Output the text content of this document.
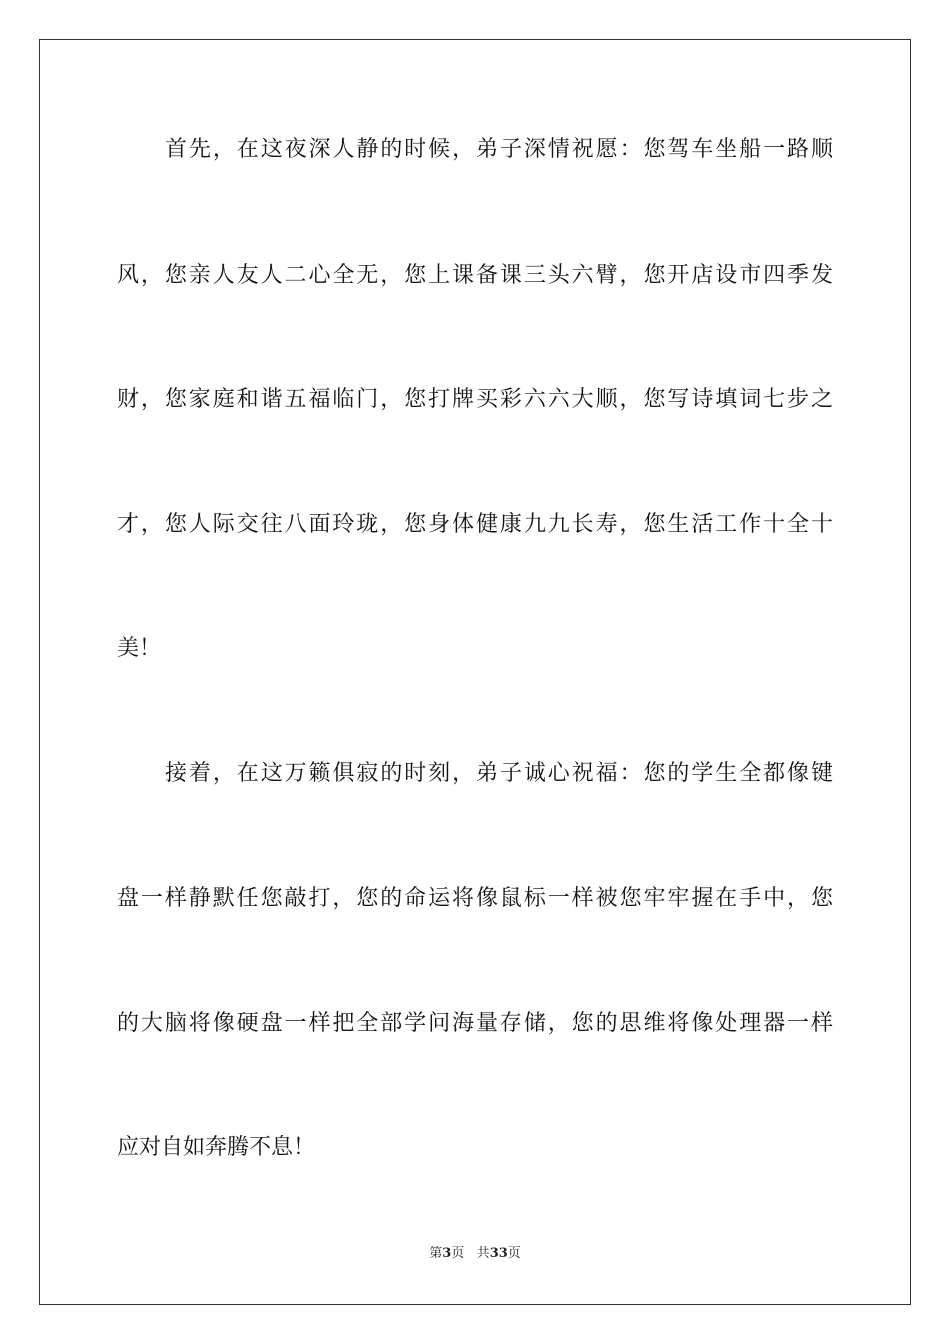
首先，在这夜深人静的时候，弟子深情祝愿：您驾车坐船一路顺
风，您亲人友人二心全无，您上课备课三头六臂，您开店设市四季发
财，您家庭和谐五福临门，您打牌买彩六六大顺，您写诗填词七步之
才，您人际交往八面玲珑，您身体健康九九长寿，您生活工作十全十
美！
接着，在这万籁俱寂的时刻，弟子诚心祝福：您的学生全都像键
盘一样静默任您敲打，您的命运将像鼠标一样被您牢牢握在手中，您
的大脑将像硬盘一样把全部学问海量存储，您的思维将像处理器一样
应对自如奔腾不息！
第3页 共33页
